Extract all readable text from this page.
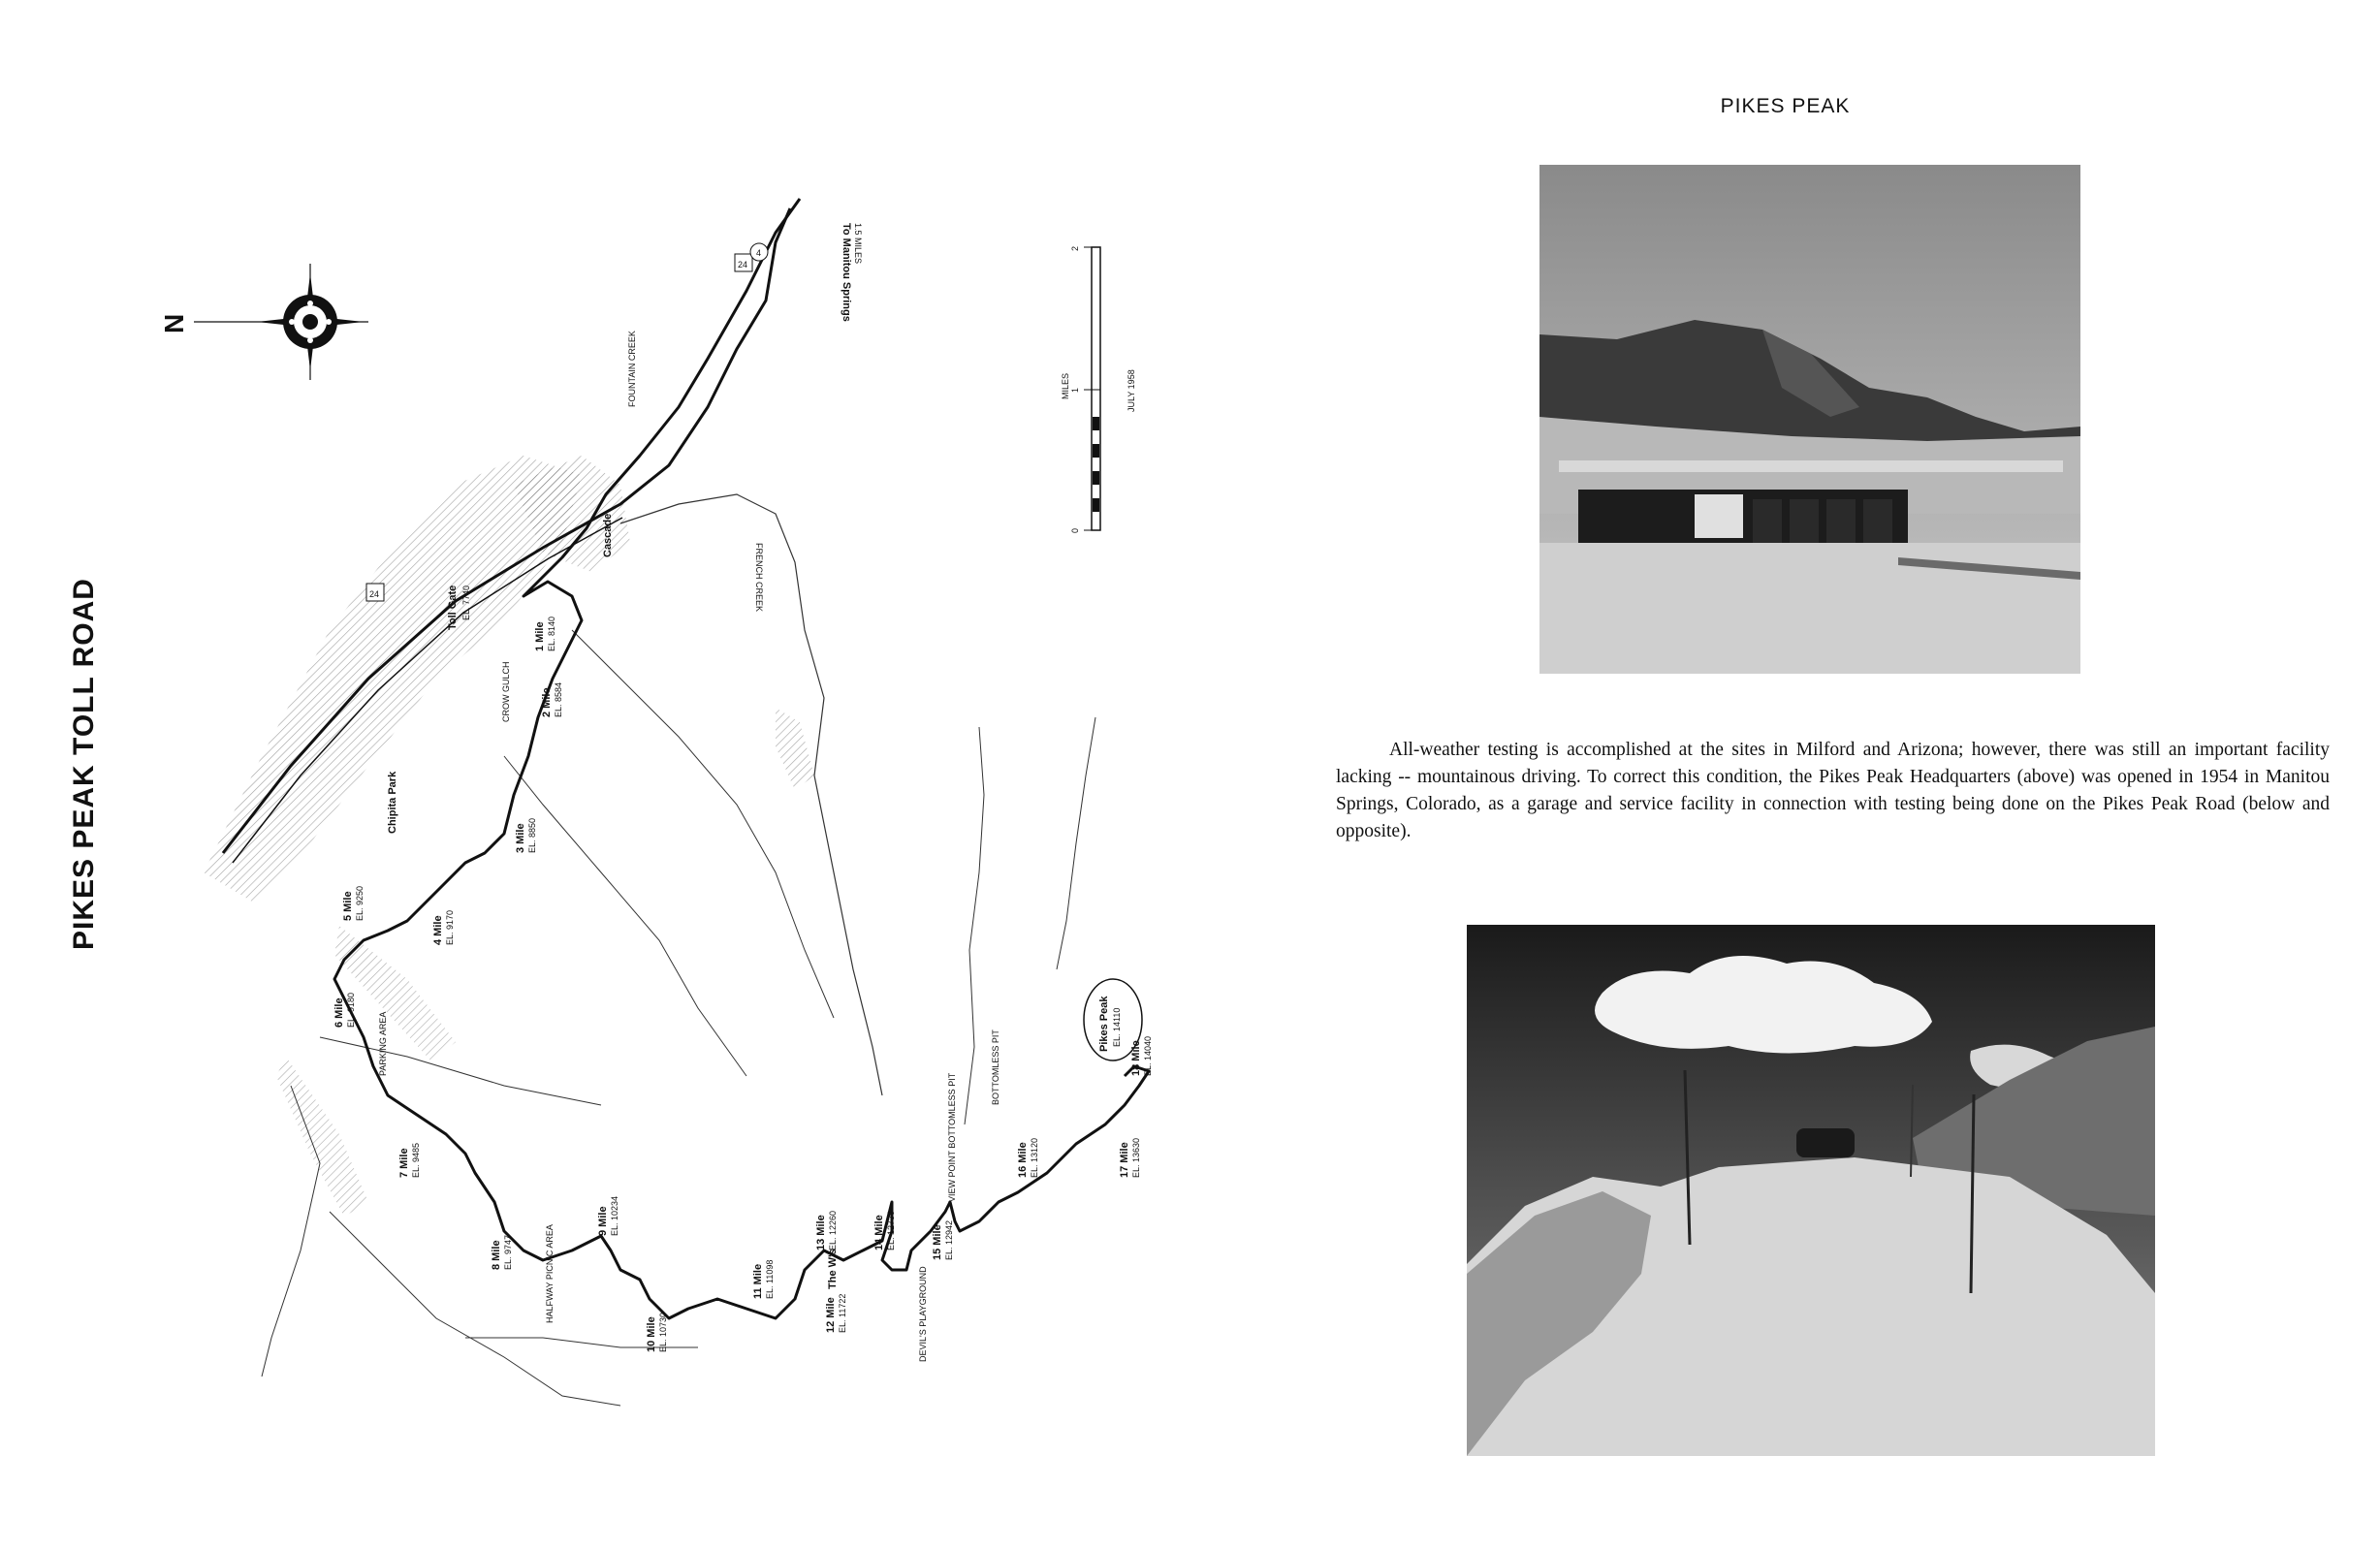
PIKES PEAK TOLL ROAD
N
0
1
2
MILES	JULY 1958
To Manitou Springs 1.5 MILES
Cascade
Toll Gate EL. 7740
Chipita Park
Pikes Peak EL. 14110
The W's	DEVIL'S PLAYGROUND
HALFWAY PICNIC AREA
PARKING AREA
VIEW POINT BOTTOMLESS PIT
BOTTOMLESS PIT
CROW GULCH
FOUNTAIN CREEK
FRENCH CREEK
24
4
24
1 Mile EL. 8140
2 Mile EL. 8584
3 Mile EL. 8850
4 Mile EL. 9170
5 Mile EL. 9250
6 Mile EL. 9180
7 Mile EL. 9485
8 Mile EL. 9747
9 Mile EL. 10234
10 Mile EL. 10730
11 Mile EL. 11098
12 Mile EL. 11722
13 Mile EL. 12260	14 Mile EL. 12730	15 Mile EL. 12942
16 Mile EL. 13120	17 Mile EL. 13630
18 Mile EL. 14040
PIKES PEAK

All-weather testing is accomplished at the sites in Milford and Arizona; however, there was still an important facility lacking -- mountainous driving. To correct this condition, the Pikes Peak Headquarters (above) was opened in 1954 in Manitou Springs, Colorado, as a garage and service facility in connection with testing being done on the Pikes Peak Road (below and opposite).
